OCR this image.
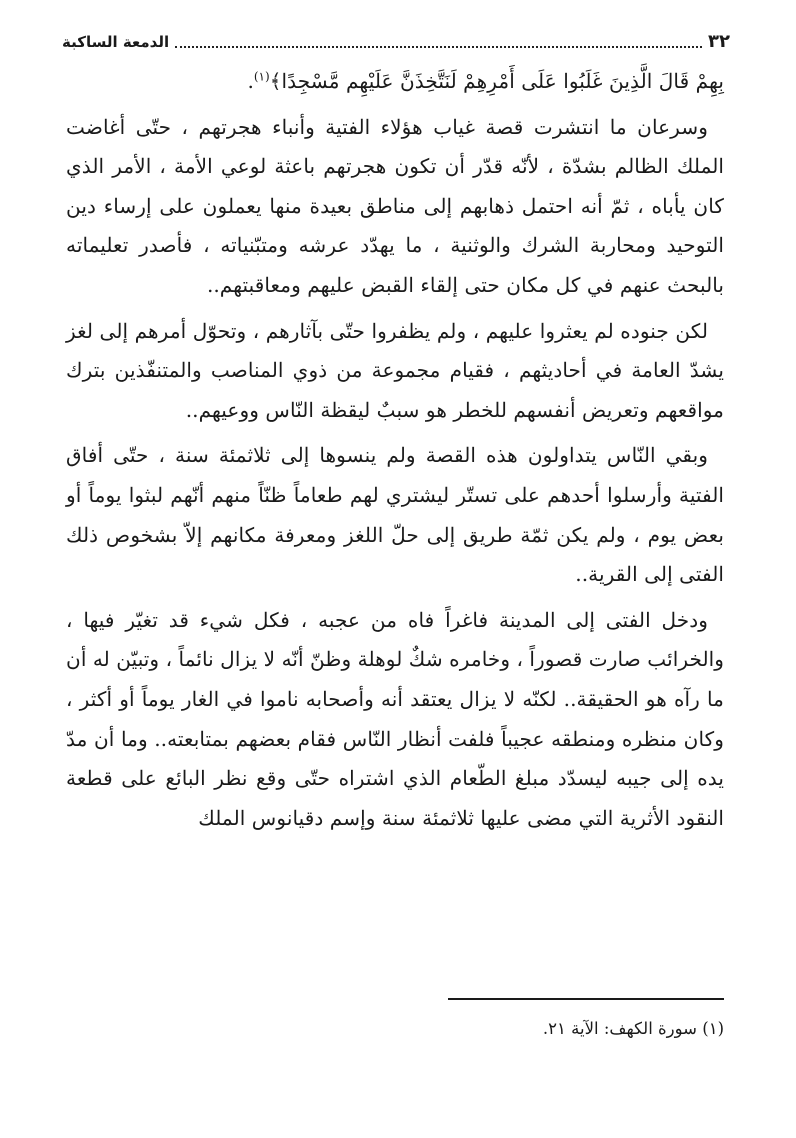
٣٢
الدمعة الساكبة

بِهِمْ قَالَ الَّذِينَ غَلَبُوا عَلَى أَمْرِهِمْ لَنَتَّخِذَنَّ عَلَيْهِم مَّسْجِدًا﴾$^{(١)}$.

وسرعان ما انتشرت قصة غياب هؤلاء الفتية وأنباء هجرتهم ، حتّى أغاضت الملك الظالم بشدّة ، لأنّه قدّر أن تكون هجرتهم باعثة لوعي الأمة ، الأمر الذي كان يأباه ، ثمّ أنه احتمل ذهابهم إلى مناطق بعيدة منها يعملون على إرساء دين التوحيد ومحاربة الشرك والوثنية ، ما يهدّد عرشه ومتبّنياته ، فأصدر تعليماته بالبحث عنهم في كل مكان حتى إلقاء القبض عليهم ومعاقبتهم..

لكن جنوده لم يعثروا عليهم ، ولم يظفروا حتّى بآثارهم ، وتحوّل أمرهم إلى لغز يشدّ العامة في أحاديثهم ، فقيام مجموعة من ذوي المناصب والمتنفّذين بترك مواقعهم وتعريض أنفسهم للخطر هو سببٌ ليقظة النّاس ووعيهم..

وبقي النّاس يتداولون هذه القصة ولم ينسوها إلى ثلاثمئة سنة ، حتّى أفاق الفتية وأرسلوا أحدهم على تستّر ليشتري لهم طعاماً ظنّاً منهم أنّهم لبثوا يوماً أو بعض يوم ، ولم يكن ثمّة طريق إلى حلّ اللغز ومعرفة مكانهم إلاّ بشخوص ذلك الفتى إلى القرية..

ودخل الفتى إلى المدينة فاغراً فاه من عجبه ، فكل شيء قد تغيّر فيها ، والخرائب صارت قصوراً ، وخامره شكٌ لوهلة وظنّ أنّه لا يزال نائماً ، وتبيّن له أن ما رآه هو الحقيقة.. لكنّه لا يزال يعتقد أنه وأصحابه ناموا في الغار يوماً أو أكثر ، وكان منظره ومنطقه عجيباً فلفت أنظار النّاس فقام بعضهم بمتابعته.. وما أن مدّ يده إلى جيبه ليسدّد مبلغ الطّعام الذي اشتراه حتّى وقع نظر البائع على قطعة النقود الأثرية التي مضى عليها ثلاثمئة سنة وإسم دقيانوس الملك

(١) سورة الكهف: الآية ٢١.
